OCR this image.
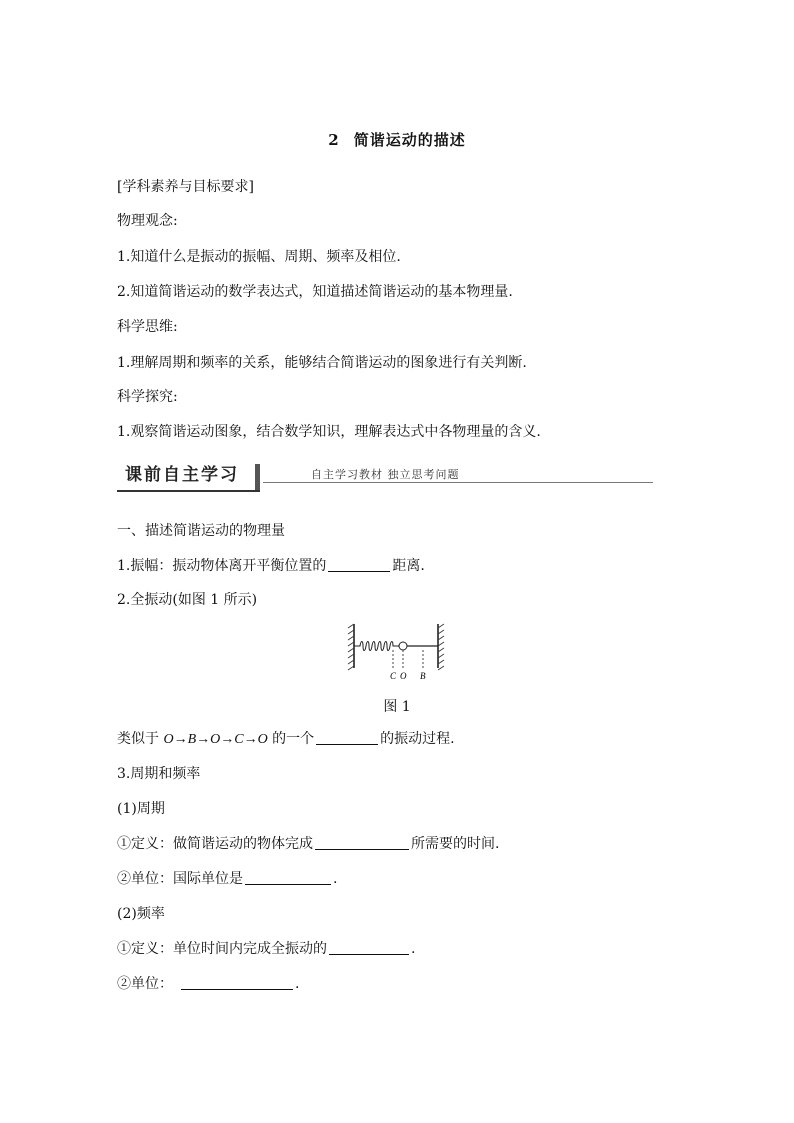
2 简谐运动的描述
[学科素养与目标要求]
物理观念:
1.知道什么是振动的振幅、周期、频率及相位.
2.知道简谐运动的数学表达式，知道描述简谐运动的基本物理量.
科学思维:
1.理解周期和频率的关系，能够结合简谐运动的图象进行有关判断.
科学探究:
1.观察简谐运动图象，结合数学知识，理解表达式中各物理量的含义.
课前自主学习	自主学习教材 独立思考问题
一、描述简谐运动的物理量
1.振幅：振动物体离开平衡位置的	距离.
2.全振动(如图 1 所示)
C O B
图 1
类似于 O→B→O→C→O 的一个	的振动过程.
3.周期和频率
(1)周期
①定义：做简谐运动的物体完成	所需要的时间.
②单位：国际单位是	.
(2)频率
①定义：单位时间内完成全振动的	.
②单位：	.
